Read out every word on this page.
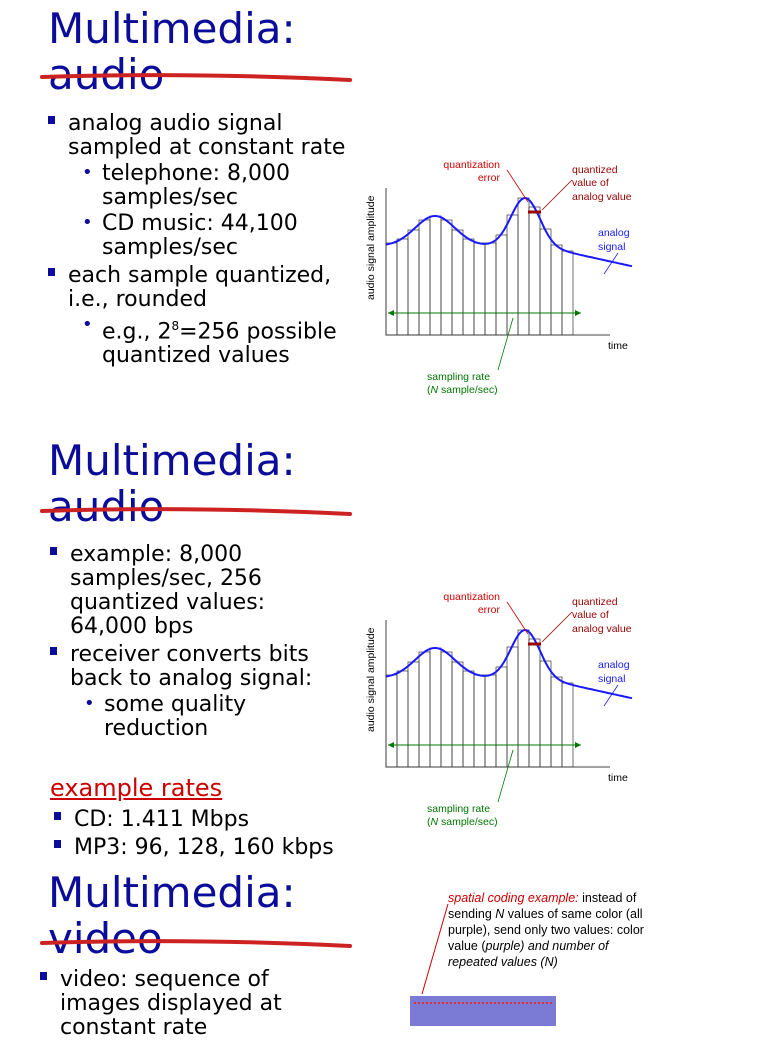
Multimedia:
audio
analog audio signal sampled at constant rate
• telephone: 8,000 samples/sec
• CD music: 44,100 samples/sec
each sample quantized, i.e., rounded
• e.g., $2^8=256$ possible quantized values
quantization
error
quantized
value of
analog value
analog
signal
audio signal amplitude
time
sampling rate
(N sample/sec)
Multimedia:
audio
example: 8,000 samples/sec, 256 quantized values: 64,000 bps
receiver converts bits back to analog signal:
• some quality reduction
example rates
CD: 1.411 Mbps
MP3: 96, 128, 160 kbps
quantization
error
quantized
value of
analog value
analog
signal
audio signal amplitude
time
sampling rate
(N sample/sec)
Multimedia:
video
video: sequence of images displayed at constant rate
spatial coding example: instead of sending N values of same color (all purple), send only two values: color value (purple) and number of repeated values (N)
